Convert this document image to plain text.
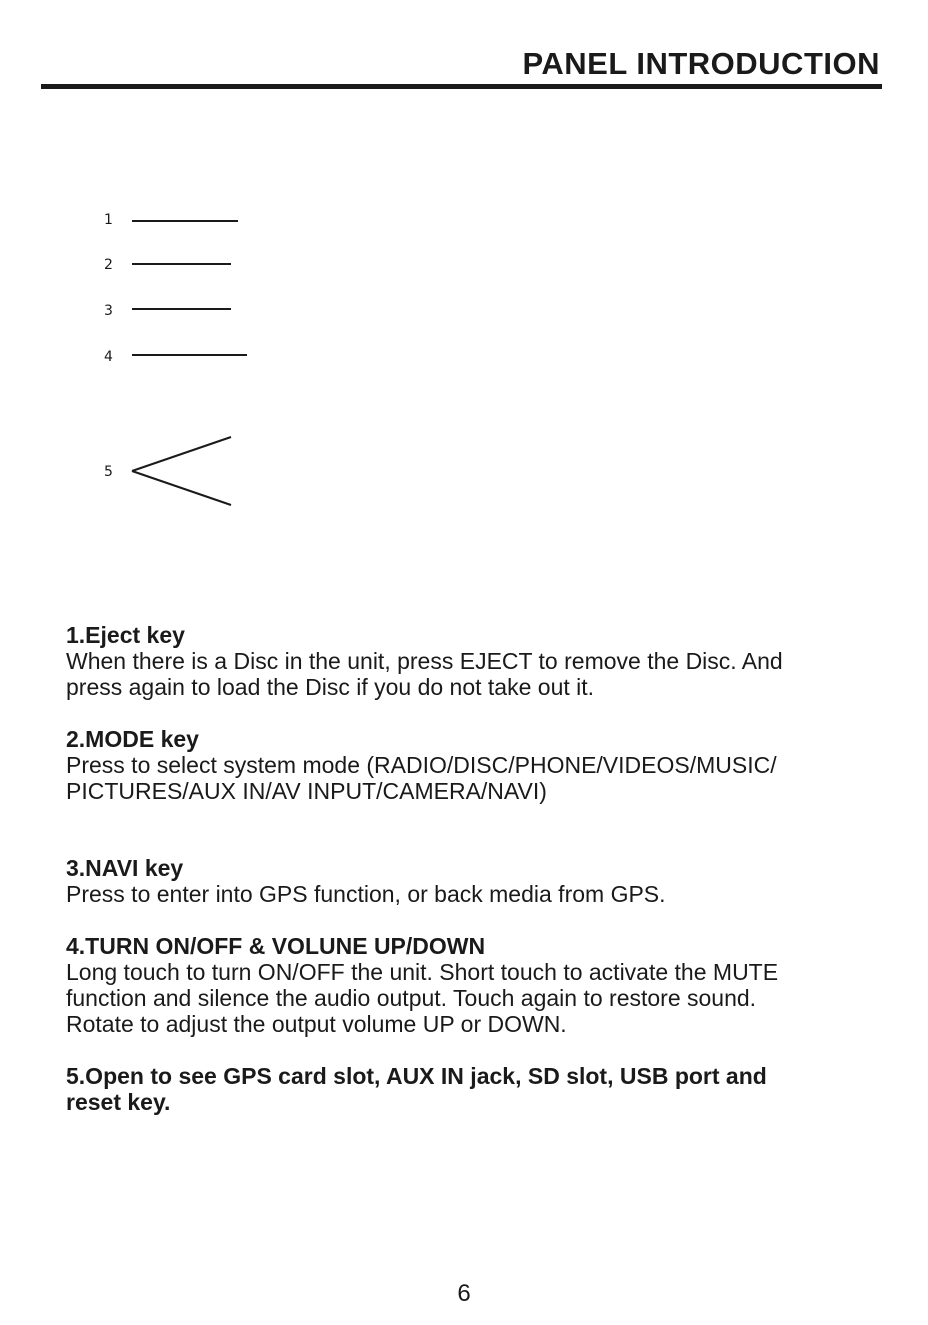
PANEL INTRODUCTION
1
2
3
4
5
1.Eject key
When there is a Disc in the unit, press EJECT to remove the Disc. And
press again to load the Disc if you do not take out it.
2.MODE key
Press to select system mode (RADIO/DISC/PHONE/VIDEOS/MUSIC/
PICTURES/AUX IN/AV INPUT/CAMERA/NAVI)
3.NAVI key
Press to enter into GPS function, or back media from GPS.
4.TURN ON/OFF & VOLUNE UP/DOWN
Long touch to turn ON/OFF the unit. Short touch to activate the MUTE
function and silence the audio output. Touch again to restore sound.
Rotate to adjust the output volume UP or DOWN.
5.Open to see GPS card slot, AUX IN jack, SD slot, USB port and
reset key.
6
